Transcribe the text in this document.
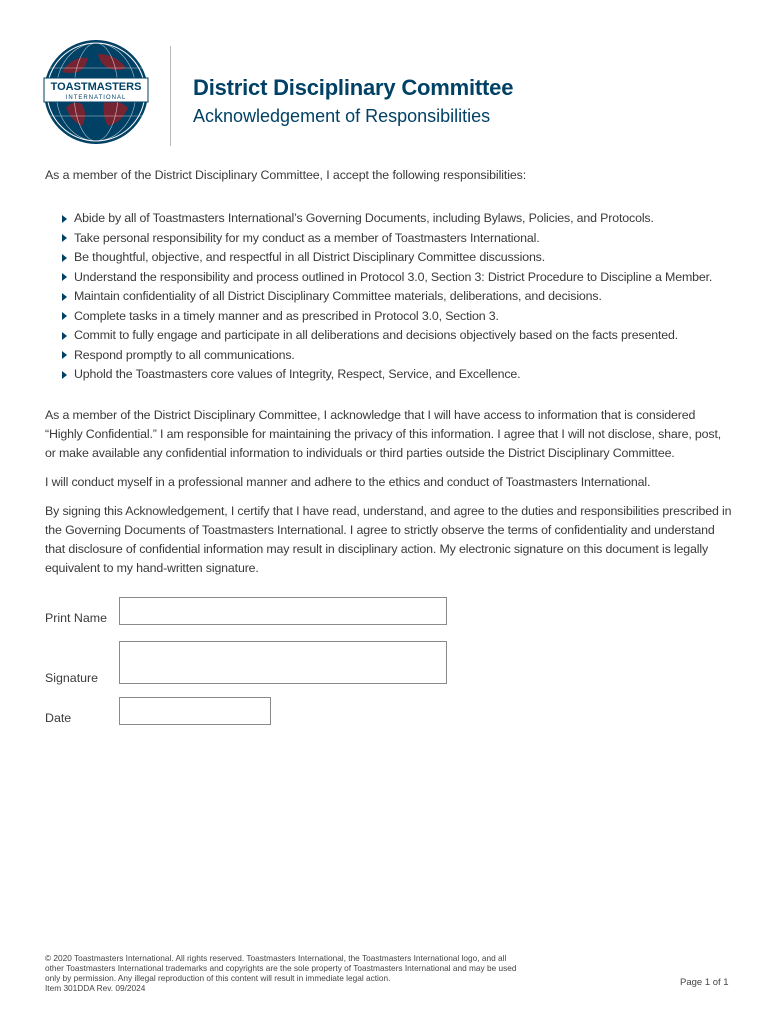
TOASTMASTERS
INTERNATIONAL	District Disciplinary Committee
Acknowledgement of Responsibilities
As a member of the District Disciplinary Committee, I accept the following responsibilities:
Abide by all of Toastmasters International’s Governing Documents, including Bylaws, Policies, and Protocols.
Take personal responsibility for my conduct as a member of Toastmasters International.
Be thoughtful, objective, and respectful in all District Disciplinary Committee discussions.
Understand the responsibility and process outlined in Protocol 3.0, Section 3: District Procedure to Discipline a Member.
Maintain confidentiality of all District Disciplinary Committee materials, deliberations, and decisions.
Complete tasks in a timely manner and as prescribed in Protocol 3.0, Section 3.
Commit to fully engage and participate in all deliberations and decisions objectively based on the facts presented.
Respond promptly to all communications.
Uphold the Toastmasters core values of Integrity, Respect, Service, and Excellence.

As a member of the District Disciplinary Committee, I acknowledge that I will have access to information that is considered “Highly Confidential.” I am responsible for maintaining the privacy of this information. I agree that I will not disclose, share, post, or make available any confidential information to individuals or third parties outside the District Disciplinary Committee.

I will conduct myself in a professional manner and adhere to the ethics and conduct of Toastmasters International.

By signing this Acknowledgement, I certify that I have read, understand, and agree to the duties and responsibilities prescribed in the Governing Documents of Toastmasters International. I agree to strictly observe the terms of confidentiality and understand that disclosure of confidential information may result in disciplinary action. My electronic signature on this document is legally equivalent to my hand-written signature.

Print Name
Signature
Date

© 2020 Toastmasters International. All rights reserved. Toastmasters International, the Toastmasters International logo, and all
other Toastmasters International trademarks and copyrights are the sole property of Toastmasters International and may be used
only by permission. Any illegal reproduction of this content will result in immediate legal action.
Item 301DDA Rev. 09/2024	Page 1 of 1
